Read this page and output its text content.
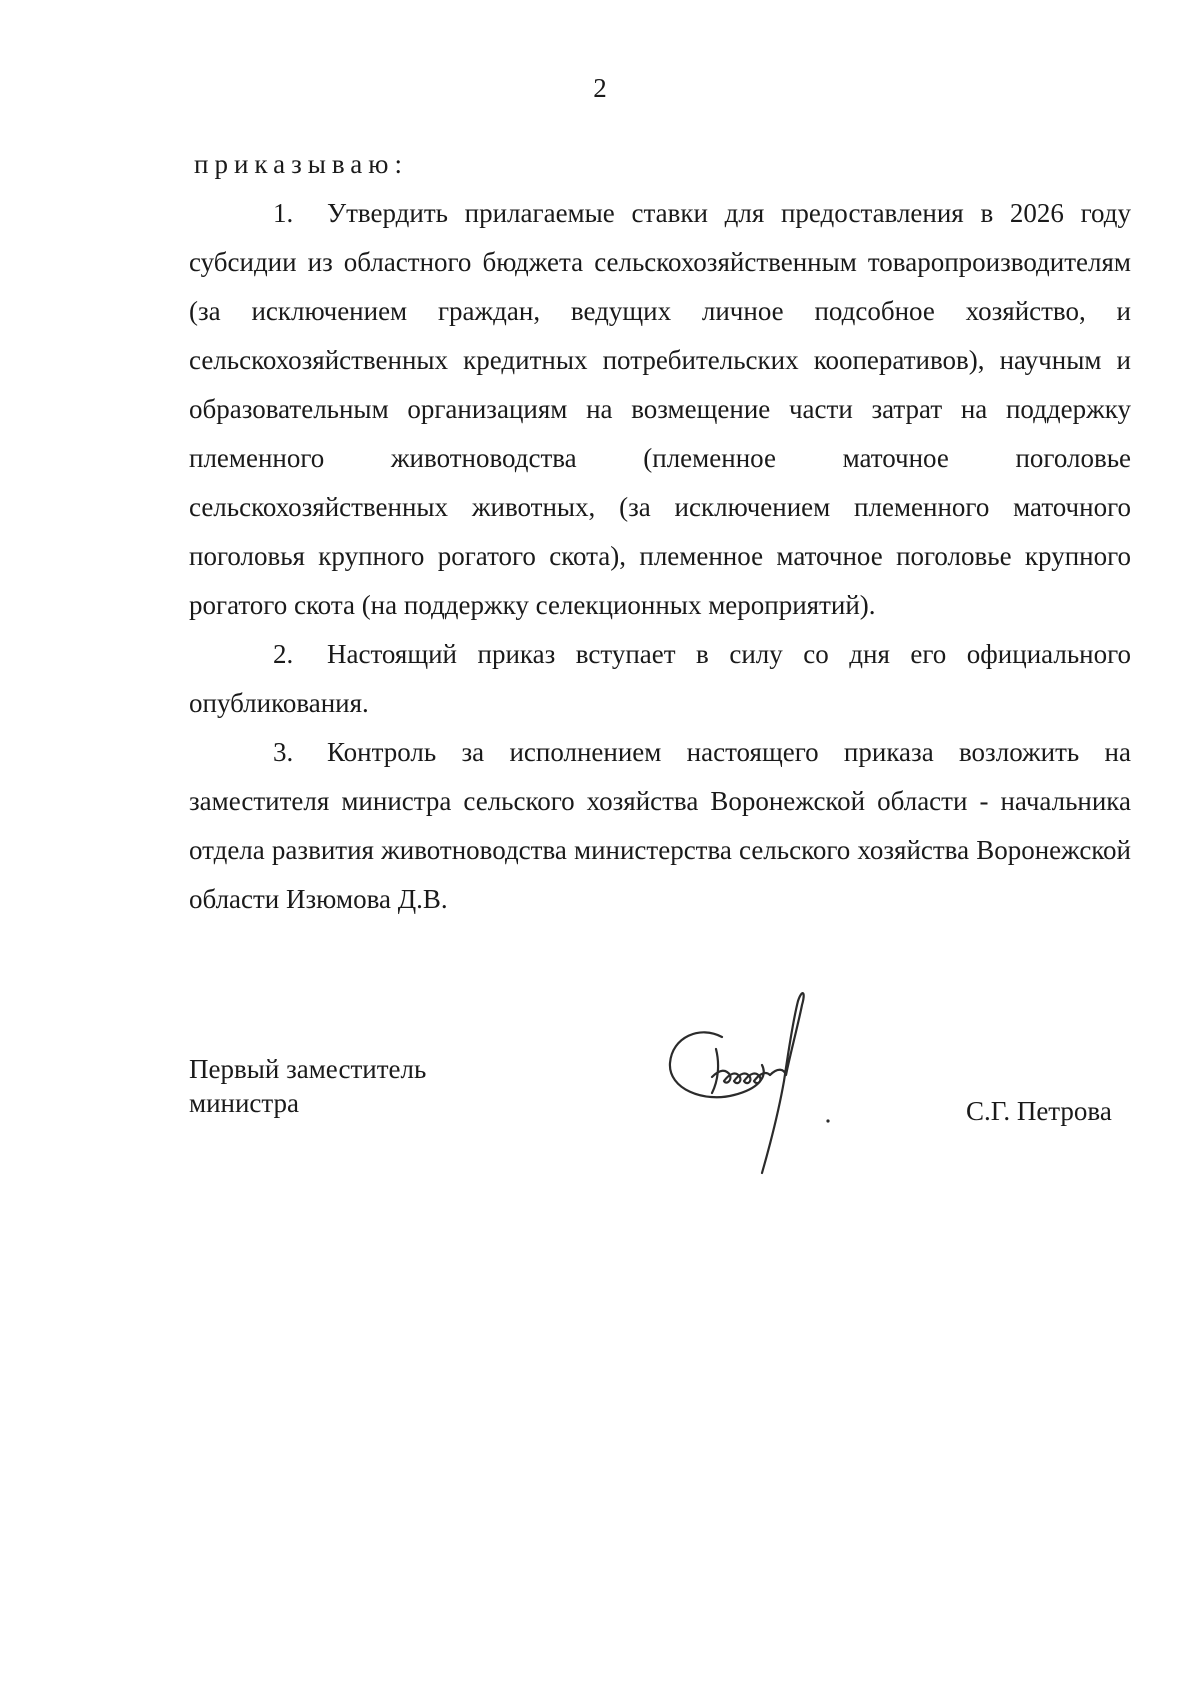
2

приказываю:

1. Утвердить прилагаемые ставки для предоставления в 2026 году субсидии из областного бюджета сельскохозяйственным товаропроизводителям (за исключением граждан, ведущих личное подсобное хозяйство, и сельскохозяйственных кредитных потребительских кооперативов), научным и образовательным организациям на возмещение части затрат на поддержку племенного животноводства (племенное маточное поголовье сельскохозяйственных животных, (за исключением племенного маточного поголовья крупного рогатого скота), племенное маточное поголовье крупного рогатого скота (на поддержку селекционных мероприятий).

2. Настоящий приказ вступает в силу со дня его официального опубликования.

3. Контроль за исполнением настоящего приказа возложить на заместителя министра сельского хозяйства Воронежской области - начальника отдела развития животноводства министерства сельского хозяйства Воронежской области Изюмова Д.В.

Первый заместитель
министра	С.Г. Петрова
